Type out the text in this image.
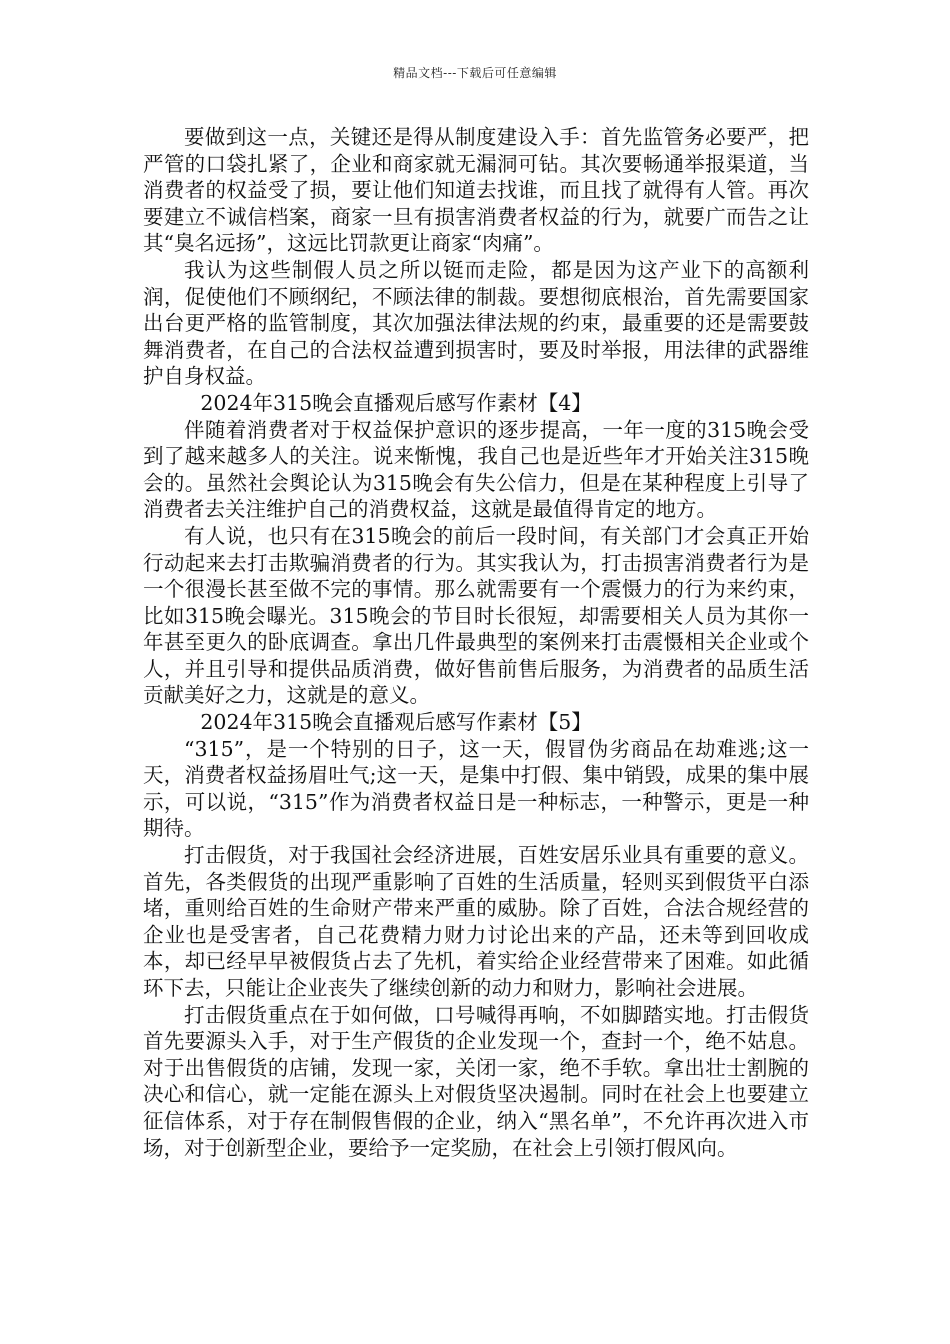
精品文档---下载后可任意编辑

要做到这一点，关键还是得从制度建设入手：首先监管务必要严，把严管的口袋扎紧了，企业和商家就无漏洞可钻。其次要畅通举报渠道，当消费者的权益受了损，要让他们知道去找谁，而且找了就得有人管。再次要建立不诚信档案，商家一旦有损害消费者权益的行为，就要广而告之让其“臭名远扬”，这远比罚款更让商家“肉痛”。

我认为这些制假人员之所以铤而走险，都是因为这产业下的高额利润，促使他们不顾纲纪，不顾法律的制裁。要想彻底根治，首先需要国家出台更严格的监管制度，其次加强法律法规的约束，最重要的还是需要鼓舞消费者，在自己的合法权益遭到损害时，要及时举报，用法律的武器维护自身权益。

2024年315晚会直播观后感写作素材【4】

伴随着消费者对于权益保护意识的逐步提高，一年一度的315晚会受到了越来越多人的关注。说来惭愧，我自己也是近些年才开始关注315晚会的。虽然社会舆论认为315晚会有失公信力，但是在某种程度上引导了消费者去关注维护自己的消费权益，这就是最值得肯定的地方。

有人说，也只有在315晚会的前后一段时间，有关部门才会真正开始行动起来去打击欺骗消费者的行为。其实我认为，打击损害消费者行为是一个很漫长甚至做不完的事情。那么就需要有一个震慑力的行为来约束，比如315晚会曝光。315晚会的节目时长很短，却需要相关人员为其你一年甚至更久的卧底调查。拿出几件最典型的案例来打击震慑相关企业或个人，并且引导和提供品质消费，做好售前售后服务，为消费者的品质生活贡献美好之力，这就是的意义。

2024年315晚会直播观后感写作素材【5】

“315”，是一个特别的日子，这一天，假冒伪劣商品在劫难逃;这一天，消费者权益扬眉吐气;这一天，是集中打假、集中销毁，成果的集中展示，可以说，“315”作为消费者权益日是一种标志，一种警示，更是一种期待。

打击假货，对于我国社会经济进展，百姓安居乐业具有重要的意义。首先，各类假货的出现严重影响了百姓的生活质量，轻则买到假货平白添堵，重则给百姓的生命财产带来严重的威胁。除了百姓，合法合规经营的企业也是受害者，自己花费精力财力讨论出来的产品，还未等到回收成本，却已经早早被假货占去了先机，着实给企业经营带来了困难。如此循环下去，只能让企业丧失了继续创新的动力和财力，影响社会进展。

打击假货重点在于如何做，口号喊得再响，不如脚踏实地。打击假货首先要源头入手，对于生产假货的企业发现一个，查封一个，绝不姑息。对于出售假货的店铺，发现一家，关闭一家，绝不手软。拿出壮士割腕的决心和信心，就一定能在源头上对假货坚决遏制。同时在社会上也要建立征信体系，对于存在制假售假的企业，纳入“黑名单”，不允许再次进入市场，对于创新型企业，要给予一定奖励，在社会上引领打假风向。
